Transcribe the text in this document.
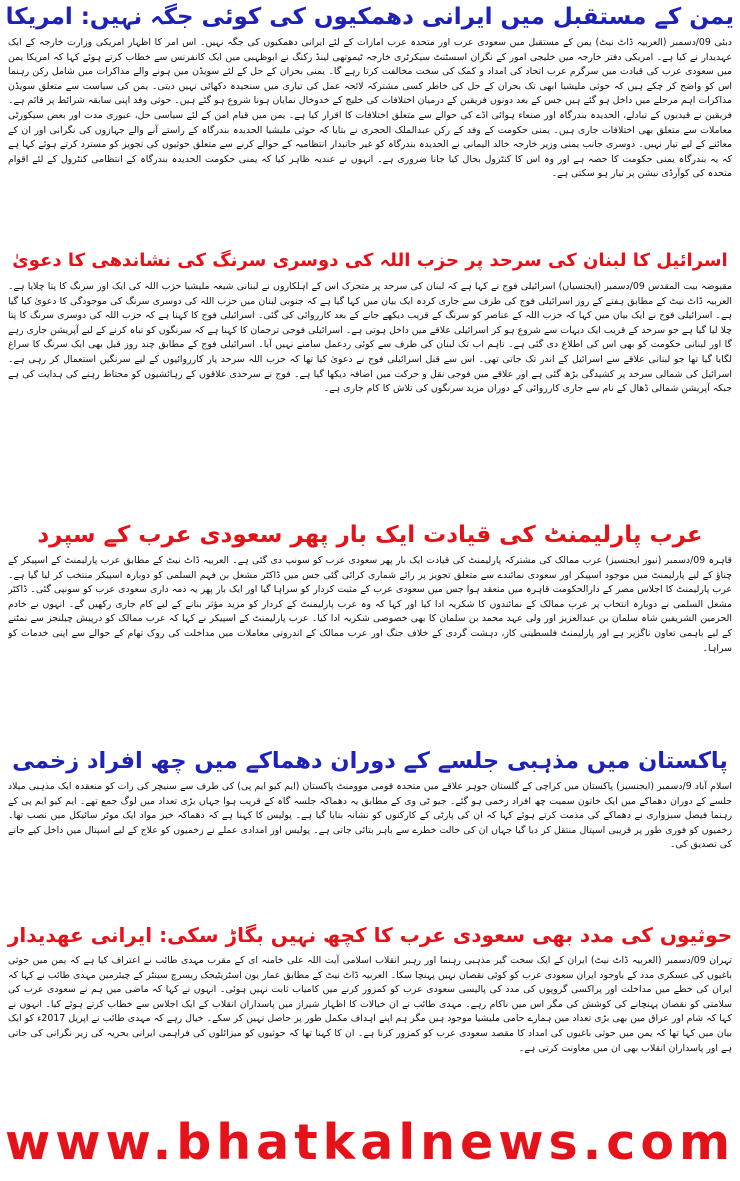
یمن کے مستقبل میں ایرانی دھمکیوں کی کوئی جگہ نہیں: امریکا
دبئی 09/دسمبر (العربیہ ڈاٹ نیٹ) یمن کے مستقبل میں سعودی عرب اور متحدہ عرب امارات کے لئے ایرانی دھمکیوں کی جگہ نہیں۔ اس امر کا اظہار امریکی وزارت خارجہ کے ایک عہدیدار نے کیا ہے۔ امریکی دفتر خارجہ میں خلیجی امور کے نگران اسسٹنٹ سیکرٹری خارجہ ٹیموتھی لینڈ رکنگ نے ابوظہبی میں ایک کانفرنس سے خطاب کرتے ہوئے کہا کہ امریکا یمن میں سعودی عرب کی قیادت میں سرگرم عرب اتحاد کی امداد و کمک کی سخت مخالفت کرتا رہے گا۔ یمنی بحران کے حل کے لئے سویڈن میں ہونے والے مذاکرات میں شامل رکن رہنما اس کو واضح کر چکے ہیں کہ حوثی ملیشیا ابھی تک بحران کے حل کی خاطر کسی مشترکہ لائحہ عمل کی تیاری میں سنجیدہ دکھائی نہیں دیتی۔ یمن کی سیاست سے متعلق سویڈن مذاکرات اہم مرحلے میں داخل ہو گئے ہیں جس کے بعد دونوں فریقین کے درمیان اختلافات کی خلیج کے خدوخال نمایاں ہونا شروع ہو گئے ہیں۔ حوثی وفد اپنی سابقہ شرائط پر قائم ہے۔ فریقین نے قیدیوں کے تبادلے، الحدیدہ بندرگاہ اور صنعاء ہوائی اڈے کی حوالے سے متعلق اختلافات کا اقرار کیا ہے۔ یمن میں قیام امن کے لئے سیاسی حل، عبوری مدت اور بعض سیکورٹی معاملات سے متعلق بھی اختلافات جاری ہیں۔ یمنی حکومت کے وفد کے رکن عبدالملک الحجری نے بتایا کہ حوثی ملیشیا الحدیدہ بندرگاہ کے راستے آنے والے جہازوں کی نگرانی اور ان کے معائنے کے لیے تیار نہیں۔ دوسری جانب یمنی وزیر خارجہ خالد الیمانی نے الحدیدہ بندرگاہ کو غیر جانبدار انتظامیہ کے حوالے کرنے سے متعلق حوثیوں کی تجویز کو مسترد کرتے ہوئے کہا ہے کہ یہ بندرگاہ یمنی حکومت کا حصہ ہے اور وہ اس کا کنٹرول بحال کیا جانا ضروری ہے۔ انہوں نے عندیہ ظاہر کیا کہ یمنی حکومت الحدیدہ بندرگاہ کے انتظامی کنٹرول کے لئے اقوام متحدہ کی کوآرڈی نیشن پر تیار ہو سکتی ہے۔
اسرائیل کا لبنان کی سرحد پر حزب اللہ کی دوسری سرنگ کی نشاندھی کا دعویٰ
مقبوضہ بیت المقدس 09/دسمبر (ایجنسیاں) اسرائیلی فوج نے کہا ہے کہ لبنان کی سرحد پر متحرک اس کے اہلکاروں نے لبنانی شیعہ ملیشیا حزب اللہ کی ایک اور سرنگ کا پتا چلایا ہے۔ العربیہ ڈاٹ نیٹ کے مطابق ہفتے کے روز اسرائیلی فوج کی طرف سے جاری کردہ ایک بیان میں کہا گیا ہے کہ جنوبی لبنان میں حزب اللہ کی دوسری سرنگ کی موجودگی کا دعویٰ کیا گیا ہے۔ اسرائیلی فوج نے ایک بیان میں کہا کہ حزب اللہ کے عناصر کو سرنگ کے قریب دیکھے جانے کے بعد کارروائی کی گئی۔ اسرائیلی فوج کا کہنا ہے کہ حزب اللہ کی دوسری سرنگ کا پتا چلا لیا گیا ہے جو سرحد کے قریب ایک دیہات سے شروع ہو کر اسرائیلی علاقے میں داخل ہوتی ہے۔ اسرائیلی فوجی ترجمان کا کہنا ہے کہ سرنگوں کو تباہ کرنے کے لیے آپریشن جاری رہے گا اور لبنانی حکومت کو بھی اس کی اطلاع دی گئی ہے۔ تاہم اب تک لبنان کی طرف سے کوئی ردعمل سامنے نہیں آیا۔ اسرائیلی فوج کے مطابق چند روز قبل بھی ایک سرنگ کا سراغ لگایا گیا تھا جو لبنانی علاقے سے اسرائیل کے اندر تک جاتی تھی۔ اس سے قبل اسرائیلی فوج نے دعویٰ کیا تھا کہ حزب اللہ سرحد پار کارروائیوں کے لیے سرنگیں استعمال کر رہی ہے۔ اسرائیل کی شمالی سرحد پر کشیدگی بڑھ گئی ہے اور علاقے میں فوجی نقل و حرکت میں اضافہ دیکھا گیا ہے۔ فوج نے سرحدی علاقوں کے رہائشیوں کو محتاط رہنے کی ہدایت کی ہے جبکہ آپریشن شمالی ڈھال کے نام سے جاری کارروائی کے دوران مزید سرنگوں کی تلاش کا کام جاری ہے۔
عرب پارلیمنٹ کی قیادت ایک بار پھر سعودی عرب کے سپرد
قاہرہ 09/دسمبر (نیوز ایجنسیز) عرب ممالک کی مشترکہ پارلیمنٹ کی قیادت ایک بار پھر سعودی عرب کو سونپ دی گئی ہے۔ العربیہ ڈاٹ نیٹ کے مطابق عرب پارلیمنٹ کے اسپیکر کے چناؤ کے لیے پارلیمنٹ میں موجود اسپیکر اور سعودی نمائندے سے متعلق تجویز پر رائے شماری کرائی گئی جس میں ڈاکٹر مشعل بن فہم السلمی کو دوبارہ اسپیکر منتخب کر لیا گیا ہے۔ عرب پارلیمنٹ کا اجلاس مصر کے دارالحکومت قاہرہ میں منعقد ہوا جس میں سعودی عرب کے مثبت کردار کو سراہا گیا اور ایک بار پھر یہ ذمہ داری سعودی عرب کو سونپی گئی۔ ڈاکٹر مشعل السلمی نے دوبارہ انتخاب پر عرب ممالک کے نمائندوں کا شکریہ ادا کیا اور کہا کہ وہ عرب پارلیمنٹ کے کردار کو مزید مؤثر بنانے کے لیے کام جاری رکھیں گے۔ انہوں نے خادم الحرمین الشریفین شاہ سلمان بن عبدالعزیز اور ولی عہد محمد بن سلمان کا بھی خصوصی شکریہ ادا کیا۔ عرب پارلیمنٹ کے اسپیکر نے کہا کہ عرب ممالک کو درپیش چیلنجز سے نمٹنے کے لیے باہمی تعاون ناگزیر ہے اور پارلیمنٹ فلسطینی کاز، دہشت گردی کے خلاف جنگ اور عرب ممالک کے اندرونی معاملات میں مداخلت کی روک تھام کے حوالے سے اپنی خدمات کو سراہا۔
پاکستان میں مذہبی جلسے کے دوران دھماکے میں چھ افراد زخمی
اسلام آباد 9/دسمبر (ایجنسیز) پاکستان میں کراچی کے گلستان جوہر علاقے میں متحدہ قومی موومنٹ پاکستان (ایم کیو ایم پی) کی طرف سے سنیچر کی رات کو منعقدہ ایک مذہبی میلاد جلسے کے دوران دھماکے میں ایک خاتون سمیت چھ افراد زخمی ہو گئے۔ جیو ٹی وی کے مطابق یہ دھماکہ جلسہ گاہ کے قریب ہوا جہاں بڑی تعداد میں لوگ جمع تھے۔ ایم کیو ایم پی کے رہنما فیصل سبزواری نے دھماکے کی مذمت کرتے ہوئے کہا کہ ان کی پارٹی کے کارکنوں کو نشانہ بنایا گیا ہے۔ پولیس کا کہنا ہے کہ دھماکہ خیز مواد ایک موٹر سائیکل میں نصب تھا۔ زخمیوں کو فوری طور پر قریبی اسپتال منتقل کر دیا گیا جہاں ان کی حالت خطرے سے باہر بتائی جاتی ہے۔ پولیس اور امدادی عملے نے زخمیوں کو علاج کے لیے اسپتال میں داخل کیے جانے کی تصدیق کی۔
حوثیوں کی مدد بھی سعودی عرب کا کچھ نہیں بگاڑ سکی: ایرانی عھدیدار
تہران 09/دسمبر (العربیہ ڈاٹ نیٹ) ایران کے ایک سخت گیر مذہبی رہنما اور رہبر انقلاب اسلامی آیت اللہ علی خامنہ ای کے مقرب مہدی طائب نے اعتراف کیا ہے کہ یمن میں حوثی باغیوں کی عسکری مدد کے باوجود ایران سعودی عرب کو کوئی نقصان نہیں پہنچا سکا۔ العربیہ ڈاٹ نیٹ کے مطابق عمار یون اسٹریٹیجک ریسرچ سینٹر کے چیئرمین مہدی طائب نے کہا کہ ایران کی خطے میں مداخلت اور پراکسی گروپوں کی مدد کی پالیسی سعودی عرب کو کمزور کرنے میں کامیاب ثابت نہیں ہوئی۔ انہوں نے کہا کہ ماضی میں ہم نے سعودی عرب کی سلامتی کو نقصان پہنچانے کی کوشش کی مگر اس میں ناکام رہے۔ مہدی طائب نے ان خیالات کا اظہار شیراز میں پاسداران انقلاب کے ایک اجلاس سے خطاب کرتے ہوئے کیا۔ انہوں نے کہا کہ شام اور عراق میں بھی بڑی تعداد میں ہمارے حامی ملیشیا موجود ہیں مگر ہم اپنے اہداف مکمل طور پر حاصل نہیں کر سکے۔ خیال رہے کہ مہدی طائب نے اپریل 2017ء کو ایک بیان میں کہا تھا کہ یمن میں حوثی باغیوں کی امداد کا مقصد سعودی عرب کو کمزور کرنا ہے۔ ان کا کہنا تھا کہ حوثیوں کو میزائلوں کی فراہمی ایرانی بحریہ کی زیر نگرانی کی جاتی ہے اور پاسداران انقلاب بھی ان میں معاونت کرتی ہے۔
www.bhatkalnews.com
